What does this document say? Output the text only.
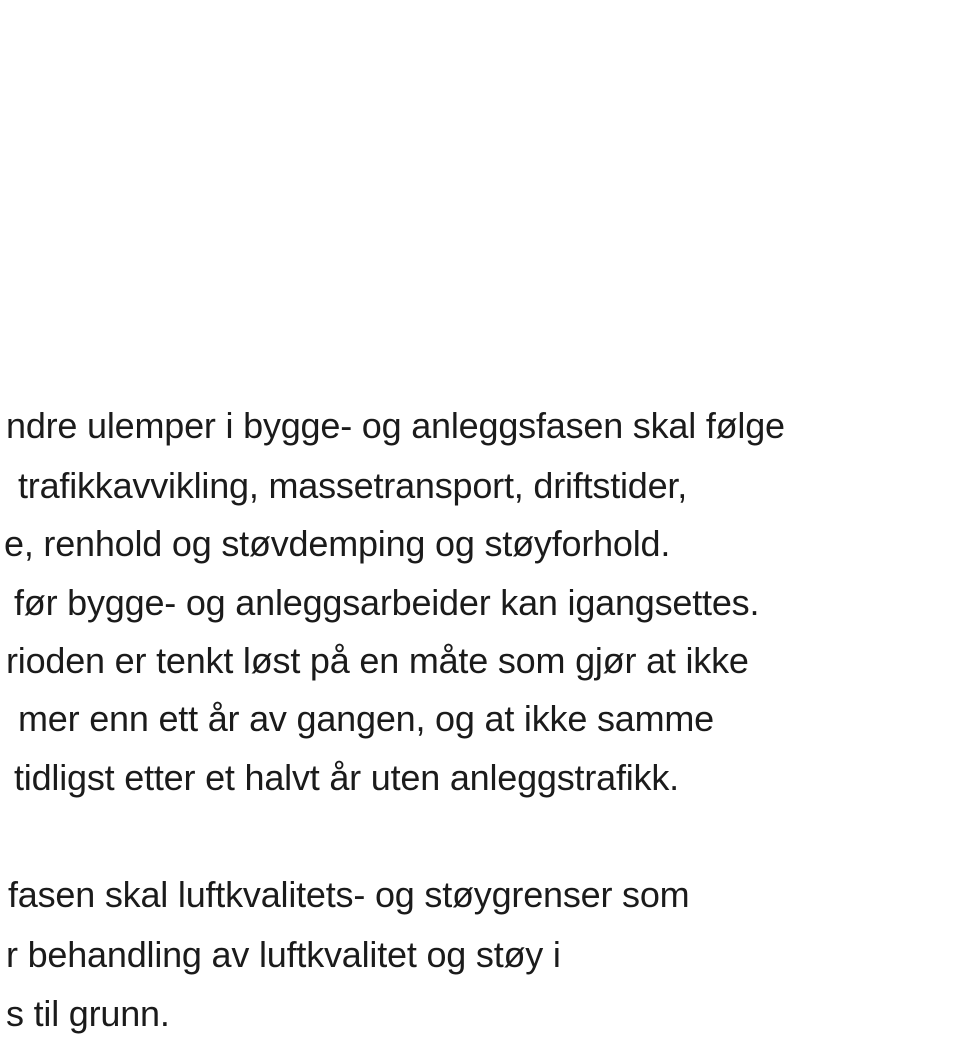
ndre ulemper i bygge- og anleggsfasen skal følge
trafikkavvikling, massetransport, driftstider,
e, renhold og støvdemping og støyforhold.
før bygge- og anleggsarbeider kan igangsettes.
rioden er tenkt løst på en måte som gjør at ikke
mer enn ett år av gangen, og at ikke samme
tidligst etter et halvt år uten anleggstrafikk.
fasen skal luftkvalitets- og støygrenser som
r behandling av luftkvalitet og støy i
s til grunn.
